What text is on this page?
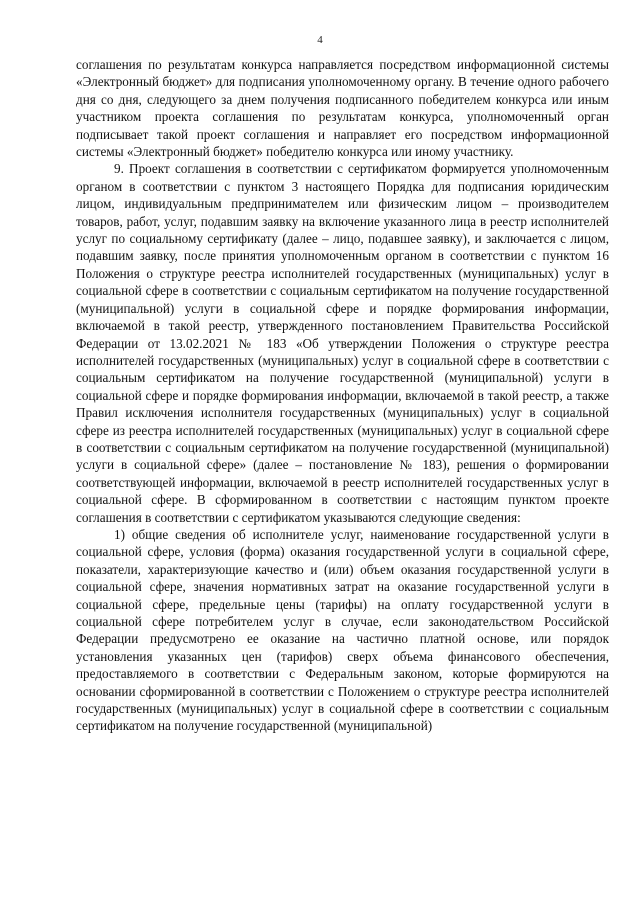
4

соглашения по результатам конкурса направляется посредством информационной системы «Электронный бюджет» для подписания уполномоченному органу. В течение одного рабочего дня со дня, следующего за днем получения подписанного победителем конкурса или иным участником проекта соглашения по результатам конкурса, уполномоченный орган подписывает такой проект соглашения и направляет его посредством информационной системы «Электронный бюджет» победителю конкурса или иному участнику.

9. Проект соглашения в соответствии с сертификатом формируется уполномоченным органом в соответствии с пунктом 3 настоящего Порядка для подписания юридическим лицом, индивидуальным предпринимателем или физическим лицом – производителем товаров, работ, услуг, подавшим заявку на включение указанного лица в реестр исполнителей услуг по социальному сертификату (далее – лицо, подавшее заявку), и заключается с лицом, подавшим заявку, после принятия уполномоченным органом в соответствии с пунктом 16 Положения о структуре реестра исполнителей государственных (муниципальных) услуг в социальной сфере в соответствии с социальным сертификатом на получение государственной (муниципальной) услуги в социальной сфере и порядке формирования информации, включаемой в такой реестр, утвержденного постановлением Правительства Российской Федерации от 13.02.2021 № 183 «Об утверждении Положения о структуре реестра исполнителей государственных (муниципальных) услуг в социальной сфере в соответствии с социальным сертификатом на получение государственной (муниципальной) услуги в социальной сфере и порядке формирования информации, включаемой в такой реестр, а также Правил исключения исполнителя государственных (муниципальных) услуг в социальной сфере из реестра исполнителей государственных (муниципальных) услуг в социальной сфере в соответствии с социальным сертификатом на получение государственной (муниципальной) услуги в социальной сфере» (далее – постановление № 183), решения о формировании соответствующей информации, включаемой в реестр исполнителей государственных услуг в социальной сфере. В сформированном в соответствии с настоящим пунктом проекте соглашения в соответствии с сертификатом указываются следующие сведения:

1) общие сведения об исполнителе услуг, наименование государственной услуги в социальной сфере, условия (форма) оказания государственной услуги в социальной сфере, показатели, характеризующие качество и (или) объем оказания государственной услуги в социальной сфере, значения нормативных затрат на оказание государственной услуги в социальной сфере, предельные цены (тарифы) на оплату государственной услуги в социальной сфере потребителем услуг в случае, если законодательством Российской Федерации предусмотрено ее оказание на частично платной основе, или порядок установления указанных цен (тарифов) сверх объема финансового обеспечения, предоставляемого в соответствии с Федеральным законом, которые формируются на основании сформированной в соответствии с Положением о структуре реестра исполнителей государственных (муниципальных) услуг в социальной сфере в соответствии с социальным сертификатом на получение государственной (муниципальной)
